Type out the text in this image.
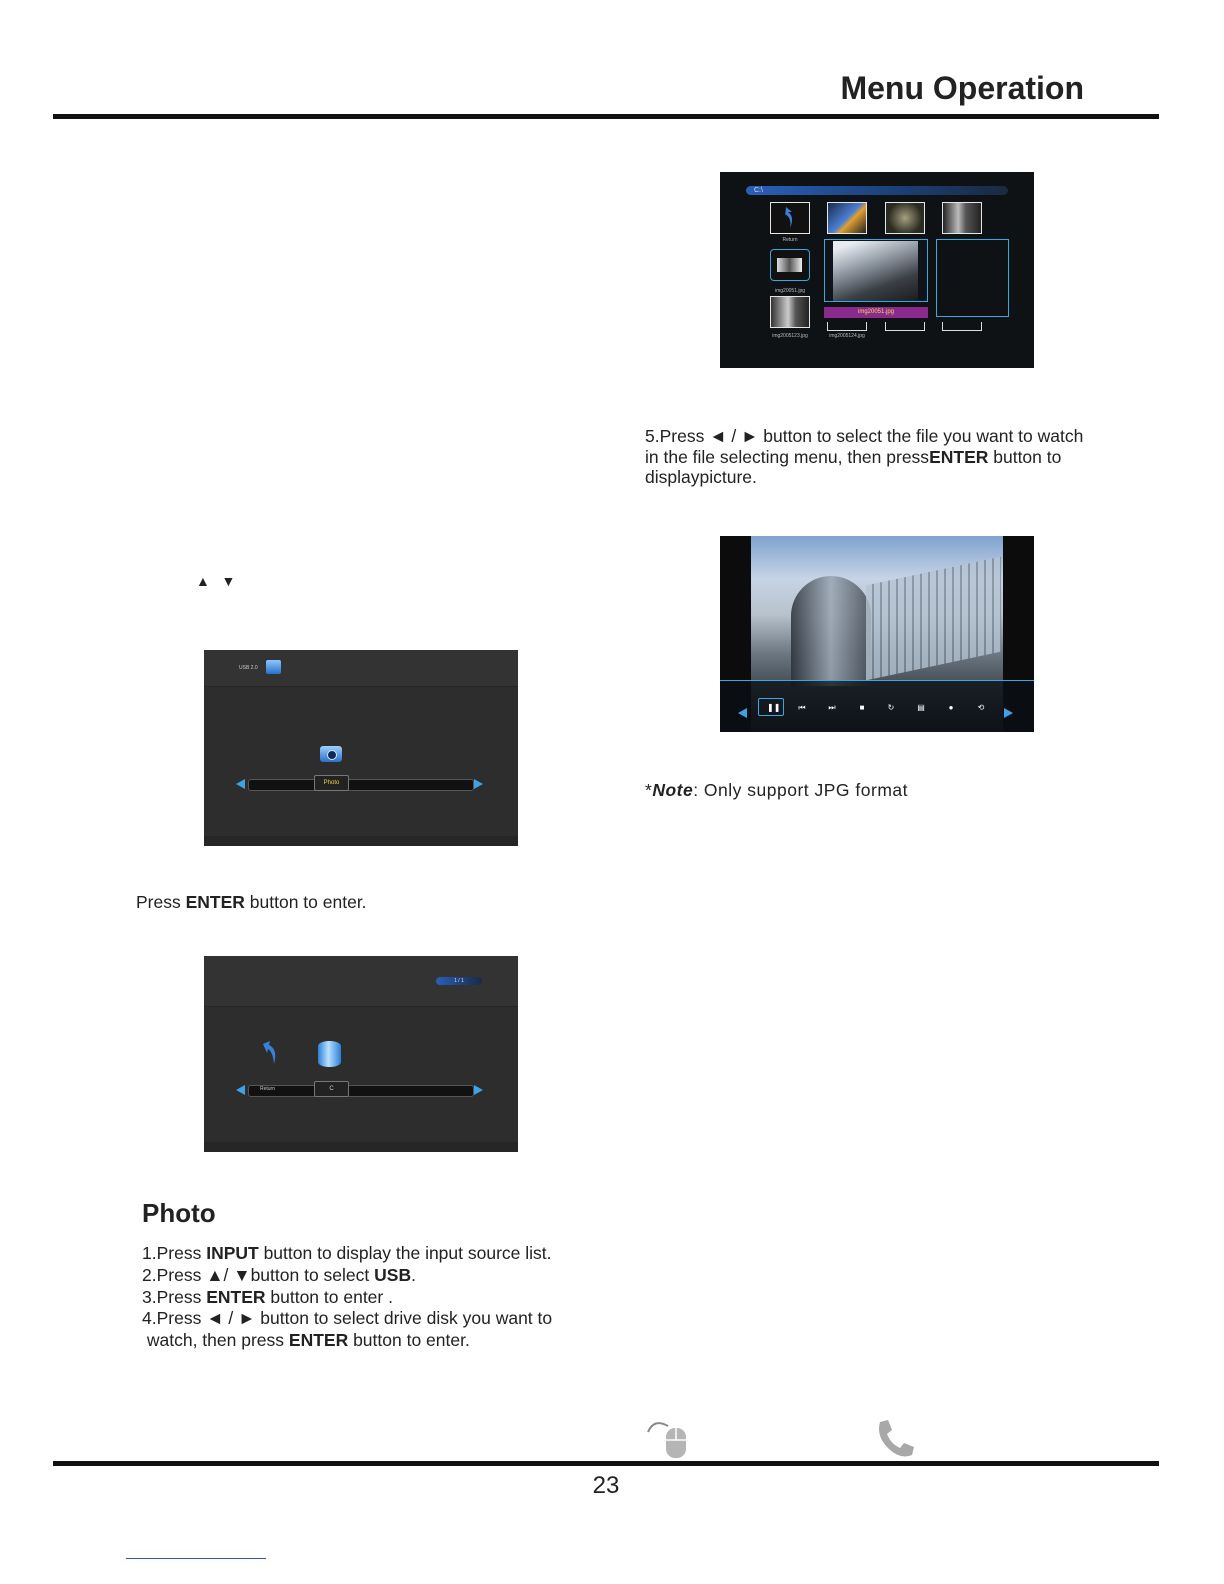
Menu Operation
C:\
Return
img20051.jpg
img20051.jpg
img2005123.jpg	img2005124.jpg
5.Press ◄ / ► button to select the file you want to watch
in the file selecting menu, then pressENTER button to
displaypicture.
❚❚ ⏮	⏭	■	↻	▤	●	⟲
*Note: Only support JPG format
▲   ▼
USB 2.0
Photo
Press ENTER button to enter.
1 / 1
Return	C
Photo
1.Press INPUT button to display the input source list.
2.Press ▲/ ▼button to select USB.
3.Press ENTER button to enter .
4.Press ◄ / ► button to select drive disk you want to
watch, then press ENTER button to enter.
23
